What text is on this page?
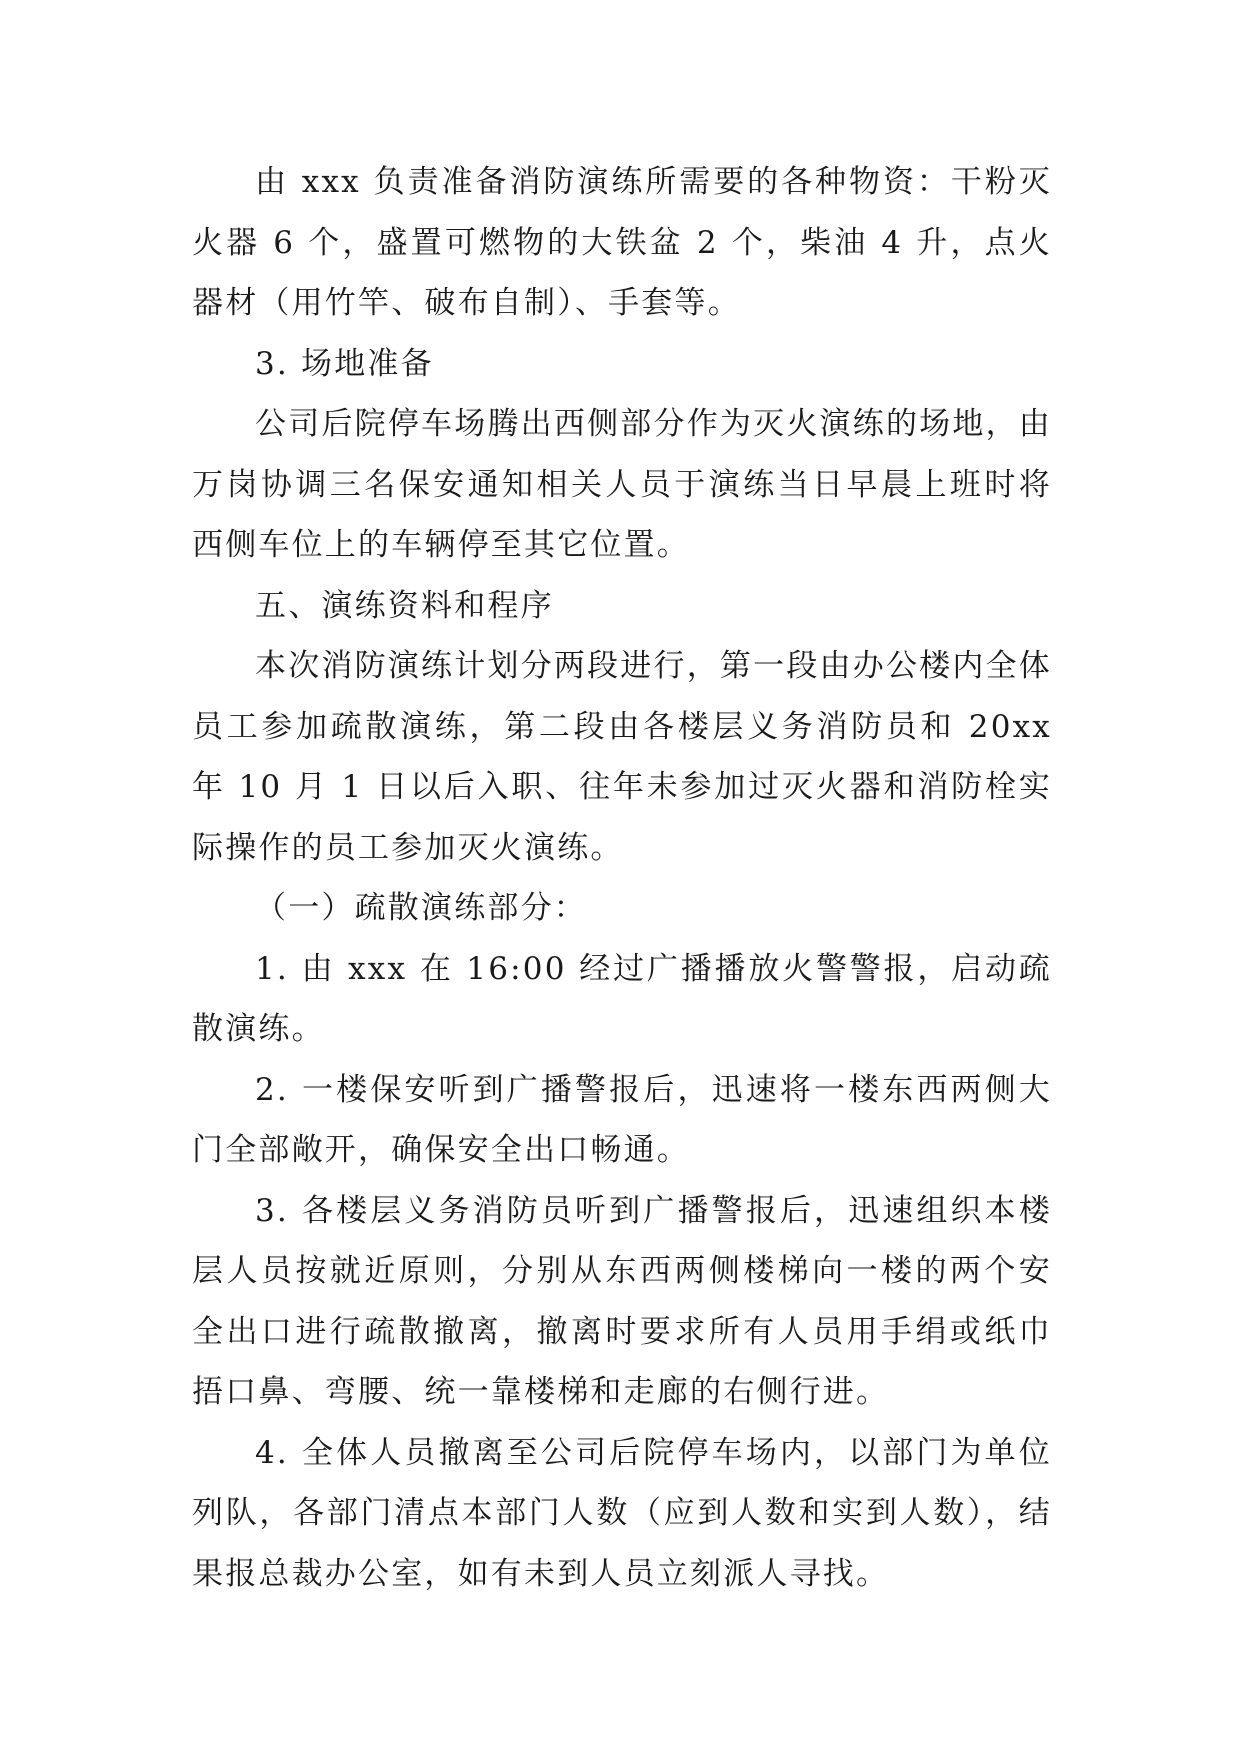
由 xxx 负责准备消防演练所需要的各种物资：干粉灭火器 6 个，盛置可燃物的大铁盆 2 个，柴油 4 升，点火器材（用竹竿、破布自制）、手套等。

3. 场地准备

公司后院停车场腾出西侧部分作为灭火演练的场地，由万岗协调三名保安通知相关人员于演练当日早晨上班时将西侧车位上的车辆停至其它位置。

五、演练资料和程序

本次消防演练计划分两段进行，第一段由办公楼内全体员工参加疏散演练，第二段由各楼层义务消防员和 20xx 年 10 月 1 日以后入职、往年未参加过灭火器和消防栓实际操作的员工参加灭火演练。

（一）疏散演练部分：

1. 由 xxx 在 16:00 经过广播播放火警警报，启动疏散演练。

2. 一楼保安听到广播警报后，迅速将一楼东西两侧大门全部敞开，确保安全出口畅通。

3. 各楼层义务消防员听到广播警报后，迅速组织本楼层人员按就近原则，分别从东西两侧楼梯向一楼的两个安全出口进行疏散撤离，撤离时要求所有人员用手绢或纸巾捂口鼻、弯腰、统一靠楼梯和走廊的右侧行进。

4. 全体人员撤离至公司后院停车场内，以部门为单位列队，各部门清点本部门人数（应到人数和实到人数），结果报总裁办公室，如有未到人员立刻派人寻找。
